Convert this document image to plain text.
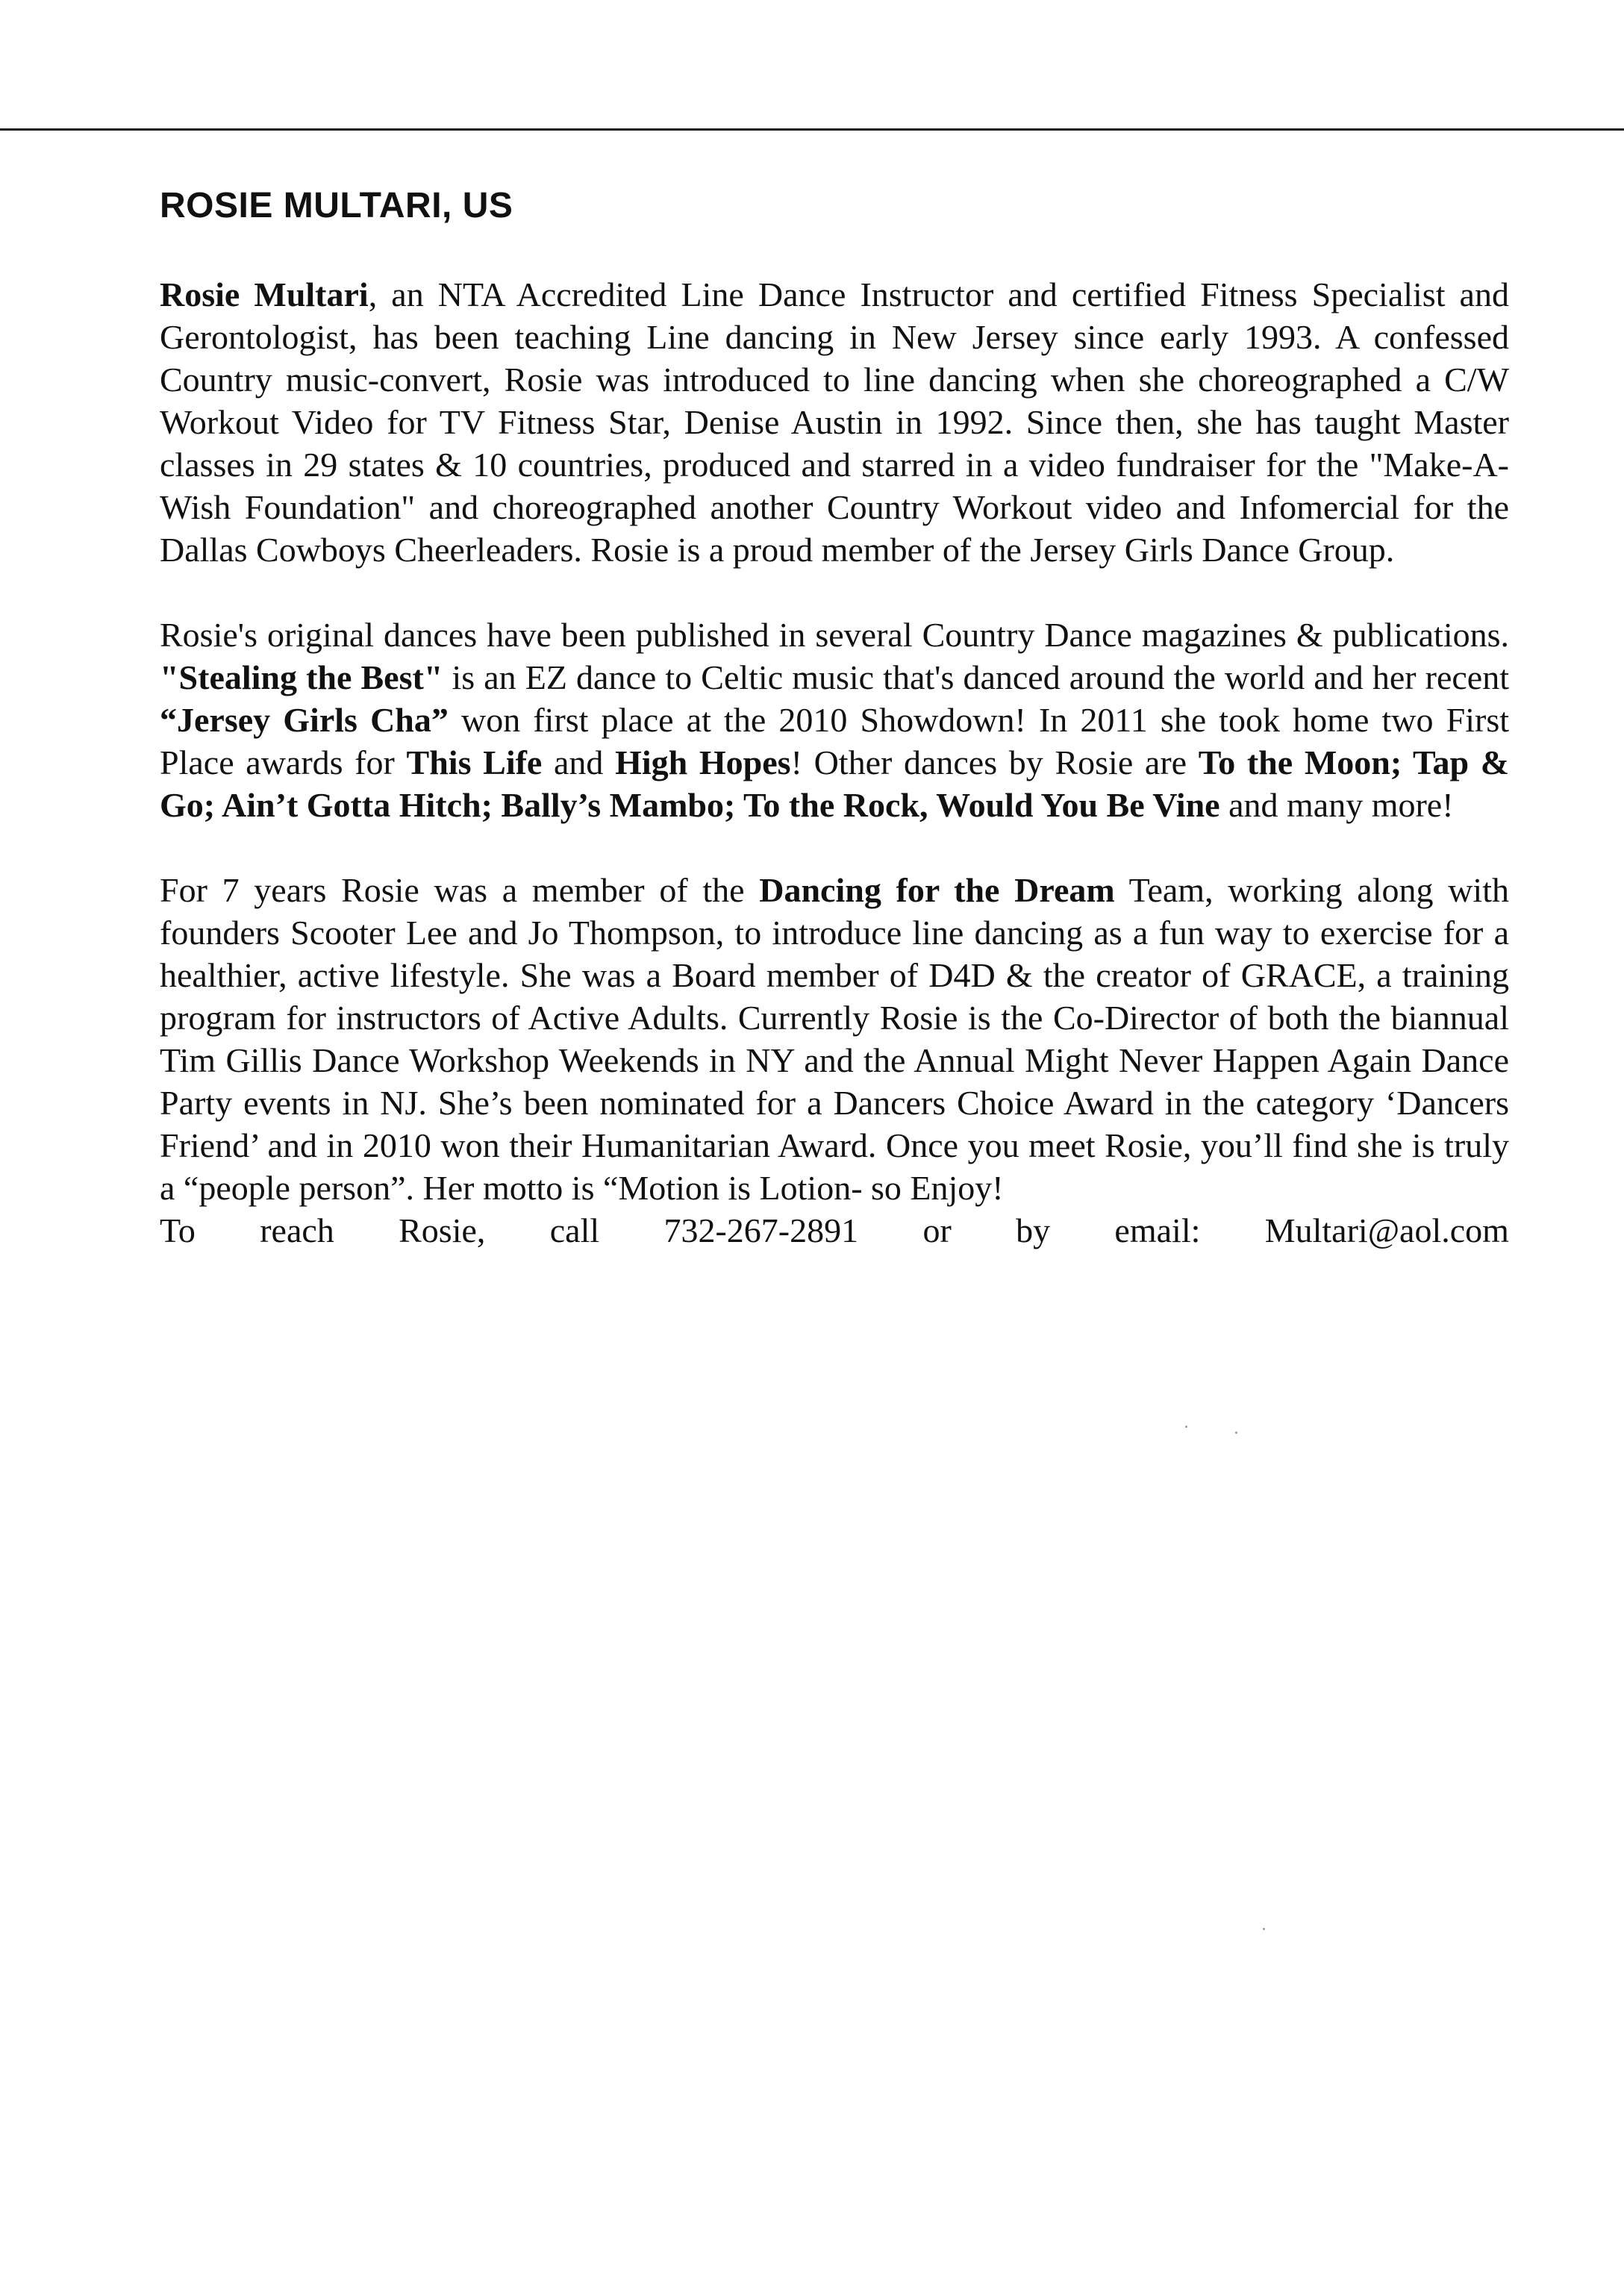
ROSIE MULTARI, US

Rosie Multari, an NTA Accredited Line Dance Instructor and certified Fitness Specialist and Gerontologist, has been teaching Line dancing in New Jersey since early 1993. A confessed Country music-convert, Rosie was introduced to line dancing when she choreographed a C/W Workout Video for TV Fitness Star, Denise Austin in 1992. Since then, she has taught Master classes in 29 states & 10 countries, produced and starred in a video fundraiser for the "Make-A-Wish Foundation" and choreographed another Country Workout video and Infomercial for the Dallas Cowboys Cheerleaders. Rosie is a proud member of the Jersey Girls Dance Group.

Rosie's original dances have been published in several Country Dance magazines & publications. "Stealing the Best" is an EZ dance to Celtic music that's danced around the world and her recent “Jersey Girls Cha” won first place at the 2010 Showdown! In 2011 she took home two First Place awards for This Life and High Hopes! Other dances by Rosie are To the Moon; Tap & Go; Ain’t Gotta Hitch; Bally’s Mambo; To the Rock, Would You Be Vine and many more!

For 7 years Rosie was a member of the Dancing for the Dream Team, working along with founders Scooter Lee and Jo Thompson, to introduce line dancing as a fun way to exercise for a healthier, active lifestyle. She was a Board member of D4D & the creator of GRACE, a training program for instructors of Active Adults. Currently Rosie is the Co-Director of both the biannual Tim Gillis Dance Workshop Weekends in NY and the Annual Might Never Happen Again Dance Party events in NJ. She’s been nominated for a Dancers Choice Award in the category ‘Dancers Friend’ and in 2010 won their Humanitarian Award. Once you meet Rosie, you’ll find she is truly a “people person”. Her motto is “Motion is Lotion- so Enjoy!

To reach Rosie, call 732-267-2891 or by email: Multari@aol.com
